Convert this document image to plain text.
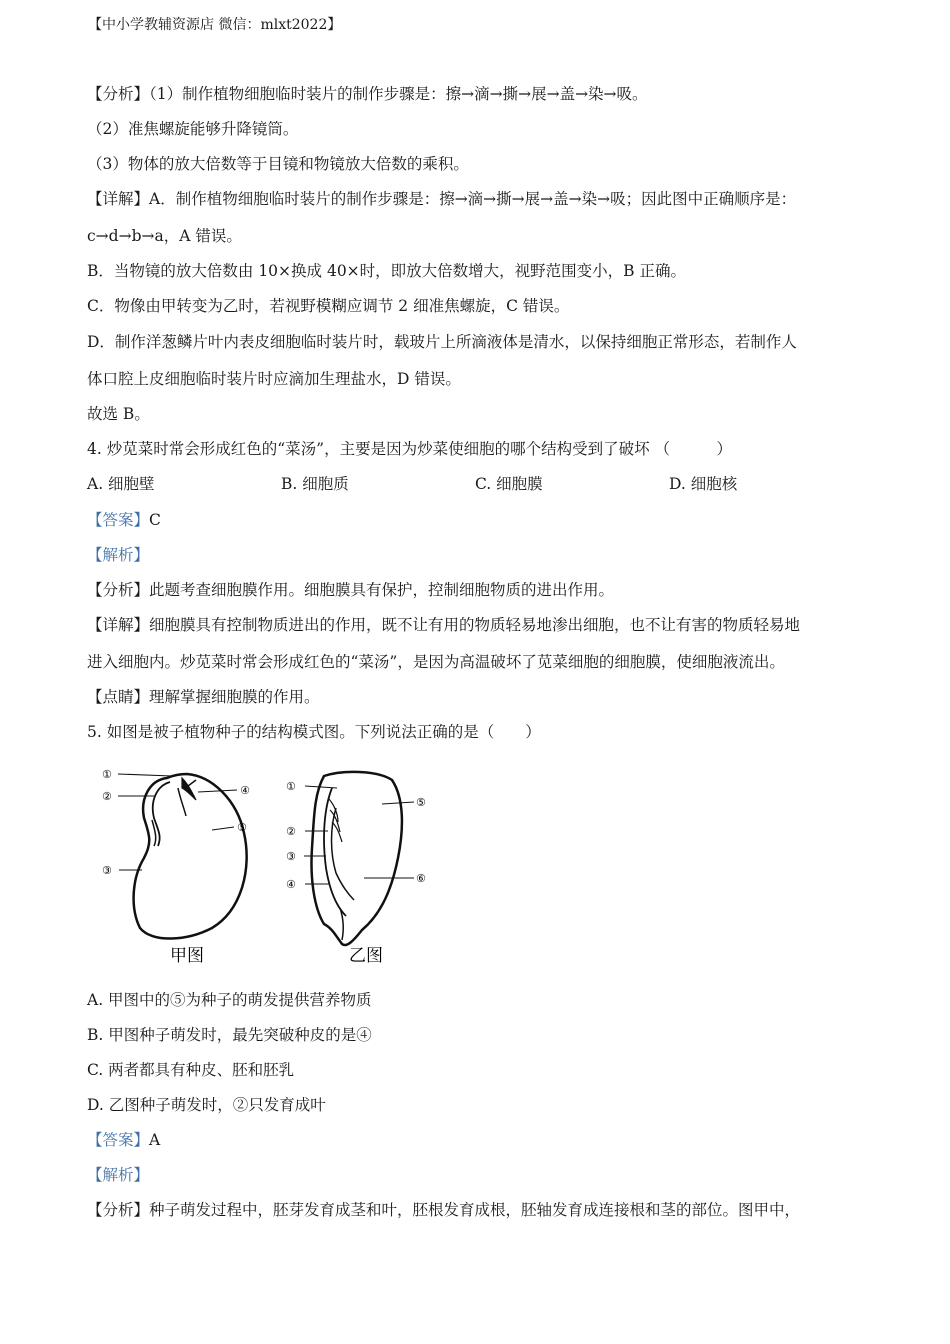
【中小学教辅资源店 微信：mlxt2022】
【分析】（1）制作植物细胞临时装片的制作步骤是：擦→滴→撕→展→盖→染→吸。
（2）准焦螺旋能够升降镜筒。
（3）物体的放大倍数等于目镜和物镜放大倍数的乘积。
【详解】A．制作植物细胞临时装片的制作步骤是：擦→滴→撕→展→盖→染→吸；因此图中正确顺序是：
c→d→b→a，A 错误。
B．当物镜的放大倍数由 10×换成 40×时，即放大倍数增大，视野范围变小，B 正确。
C．物像由甲转变为乙时，若视野模糊应调节 2 细准焦螺旋，C 错误。
D．制作洋葱鳞片叶内表皮细胞临时装片时，载玻片上所滴液体是清水，以保持细胞正常形态，若制作人
体口腔上皮细胞临时装片时应滴加生理盐水，D 错误。
故选 B。
4. 炒苋菜时常会形成红色的“菜汤”，主要是因为炒菜使细胞的哪个结构受到了破坏 （　　　）
A. 细胞壁	B. 细胞质	C. 细胞膜	D. 细胞核
【答案】C
【解析】
【分析】此题考查细胞膜作用。细胞膜具有保护，控制细胞物质的进出作用。
【详解】细胞膜具有控制物质进出的作用，既不让有用的物质轻易地渗出细胞，也不让有害的物质轻易地
进入细胞内。炒苋菜时常会形成红色的“菜汤”，是因为高温破坏了苋菜细胞的细胞膜，使细胞液流出。
【点睛】理解掌握细胞膜的作用。
5. 如图是被子植物种子的结构模式图。下列说法正确的是（　　）
①
②
③
④
⑤
甲图
①
②
③
④
⑤
⑥
乙图
A. 甲图中的⑤为种子的萌发提供营养物质
B. 甲图种子萌发时，最先突破种皮的是④
C. 两者都具有种皮、胚和胚乳
D. 乙图种子萌发时，②只发育成叶
【答案】A
【解析】
【分析】种子萌发过程中，胚芽发育成茎和叶，胚根发育成根，胚轴发育成连接根和茎的部位。图甲中，
